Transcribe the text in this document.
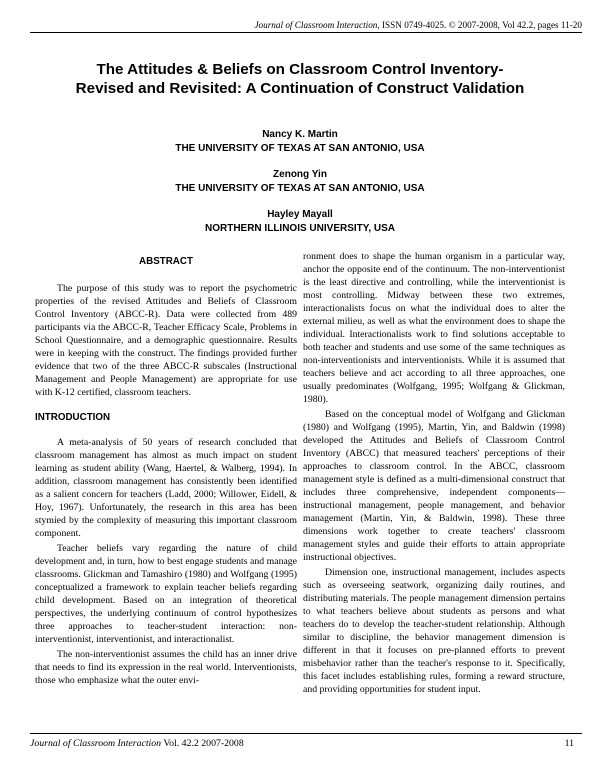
Journal of Classroom Interaction, ISSN 0749-4025. © 2007-2008, Vol 42.2, pages 11-20
The Attitudes & Beliefs on Classroom Control Inventory-
Revised and Revisited: A Continuation of Construct Validation
Nancy K. Martin
THE UNIVERSITY OF TEXAS AT SAN ANTONIO, USA
Zenong Yin
THE UNIVERSITY OF TEXAS AT SAN ANTONIO, USA
Hayley Mayall
NORTHERN ILLINOIS UNIVERSITY, USA
ABSTRACT

The purpose of this study was to report the psychometric properties of the revised Attitudes and Beliefs of Classroom Control Inventory (ABCC-R). Data were collected from 489 participants via the ABCC-R, Teacher Efficacy Scale, Problems in School Questionnaire, and a demographic questionnaire. Results were in keeping with the construct. The findings provided further evidence that two of the three ABCC-R subscales (Instructional Management and People Management) are appropriate for use with K-12 certified, classroom teachers.

INTRODUCTION

A meta-analysis of 50 years of research concluded that classroom management has almost as much impact on student learning as student ability (Wang, Haertel, & Walberg, 1994). In addition, classroom management has consistently been identified as a salient concern for teachers (Ladd, 2000; Willower, Eidell, & Hoy, 1967). Unfortunately, the research in this area has been stymied by the complexity of measuring this important classroom component.

Teacher beliefs vary regarding the nature of child development and, in turn, how to best engage students and manage classrooms. Glickman and Tamashiro (1980) and Wolfgang (1995) conceptualized a framework to explain teacher beliefs regarding child development. Based on an integration of theoretical perspectives, the underlying continuum of control hypothesizes three approaches to teacher-student interaction: non-interventionist, interventionist, and interactionalist.

The non-interventionist assumes the child has an inner drive that needs to find its expression in the real world. Interventionists, those who emphasize what the outer envi-

ronment does to shape the human organism in a particular way, anchor the opposite end of the continuum. The non-interventionist is the least directive and controlling, while the interventionist is most controlling. Midway between these two extremes, interactionalists focus on what the individual does to alter the external milieu, as well as what the environment does to shape the individual. Interactionalists work to find solutions acceptable to both teacher and students and use some of the same techniques as non-interventionists and interventionists. While it is assumed that teachers believe and act according to all three approaches, one usually predominates (Wolfgang, 1995; Wolfgang & Glickman, 1980).

Based on the conceptual model of Wolfgang and Glickman (1980) and Wolfgang (1995), Martin, Yin, and Baldwin (1998) developed the Attitudes and Beliefs of Classroom Control Inventory (ABCC) that measured teachers' perceptions of their approaches to classroom control. In the ABCC, classroom management style is defined as a multi-dimensional construct that includes three comprehensive, independent components—instructional management, people management, and behavior management (Martin, Yin, & Baldwin, 1998). These three dimensions work together to create teachers' classroom management styles and guide their efforts to attain appropriate instructional objectives.

Dimension one, instructional management, includes aspects such as overseeing seatwork, organizing daily routines, and distributing materials. The people management dimension pertains to what teachers believe about students as persons and what teachers do to develop the teacher-student relationship. Although similar to discipline, the behavior management dimension is different in that it focuses on pre-planned efforts to prevent misbehavior rather than the teacher's response to it. Specifically, this facet includes establishing rules, forming a reward structure, and providing opportunities for student input.

Journal of Classroom Interaction Vol. 42.2 2007-2008	11
